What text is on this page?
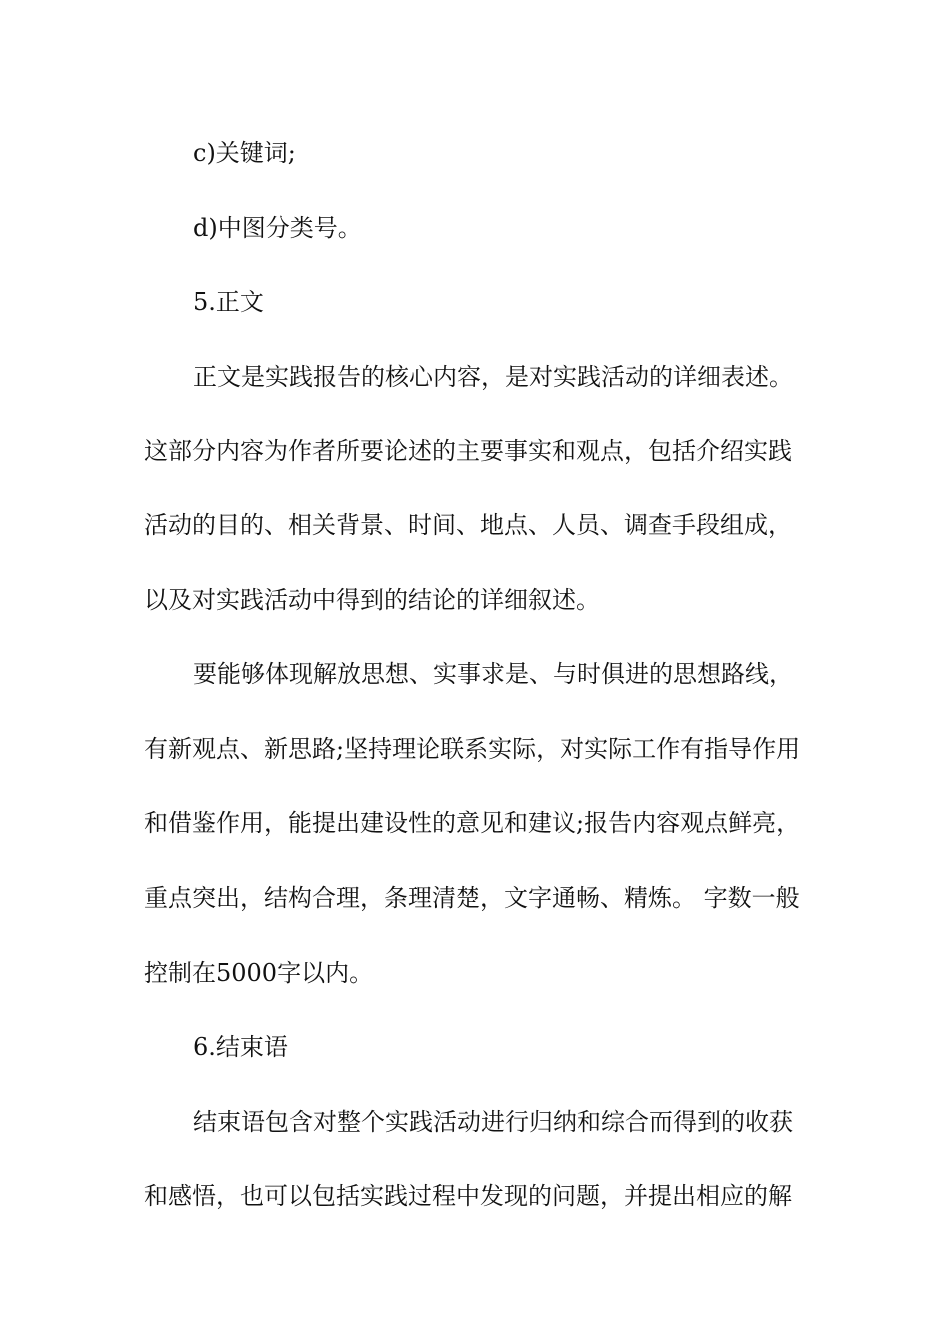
c)关键词;
d)中图分类号。
5.正文
正文是实践报告的核心内容，是对实践活动的详细表述。
这部分内容为作者所要论述的主要事实和观点，包括介绍实践
活动的目的、相关背景、时间、地点、人员、调查手段组成，
以及对实践活动中得到的结论的详细叙述。
要能够体现解放思想、实事求是、与时俱进的思想路线，
有新观点、新思路;坚持理论联系实际，对实际工作有指导作用
和借鉴作用，能提出建设性的意见和建议;报告内容观点鲜亮，
重点突出，结构合理，条理清楚，文字通畅、精炼。 字数一般
控制在5000字以内。
6.结束语
结束语包含对整个实践活动进行归纳和综合而得到的收获
和感悟，也可以包括实践过程中发现的问题，并提出相应的解
